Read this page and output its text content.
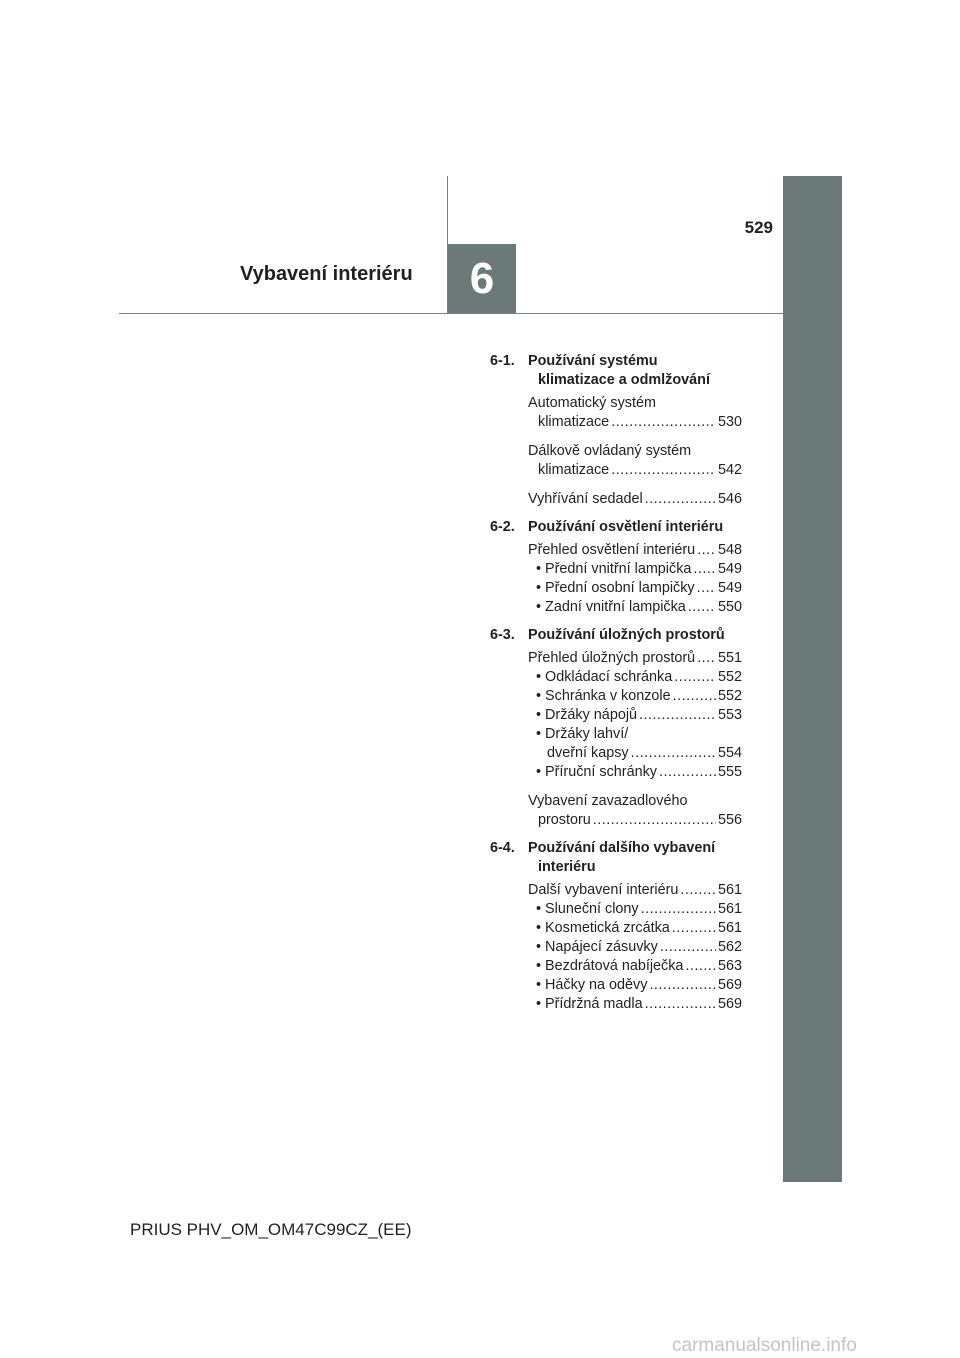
6
529
Vybavení interiéru
6-1. Používání systému
klimatizace a odmlžování
Automatický systém
klimatizace .....	530
Dálkově ovládaný systém
klimatizace .....	542
Vyhřívání sedadel .....	546
6-2. Používání osvětlení interiéru
Přehled osvětlení interiéru ..... 548
• Přední vnitřní lampička ..... 549
• Přední osobní lampičky ..... 549
• Zadní vnitřní lampička ..... 550
6-3. Používání úložných prostorů
Přehled úložných prostorů ..... 551
• Odkládací schránka .....	552
• Schránka v konzole .....	552
• Držáky nápojů .....	553
• Držáky lahví/
dveřní kapsy .....	554
• Příruční schránky .....	555
Vybavení zavazadlového
prostoru .....	556
6-4. Používání dalšího vybavení
interiéru
Další vybavení interiéru .....	561
• Sluneční clony .....	561
• Kosmetická zrcátka .....	561
• Napájecí zásuvky .....	562
• Bezdrátová nabíječka ..... 563
• Háčky na oděvy .....	569
• Přídržná madla .....	569
PRIUS PHV_OM_OM47C99CZ_(EE)
carmanualsonline.info
